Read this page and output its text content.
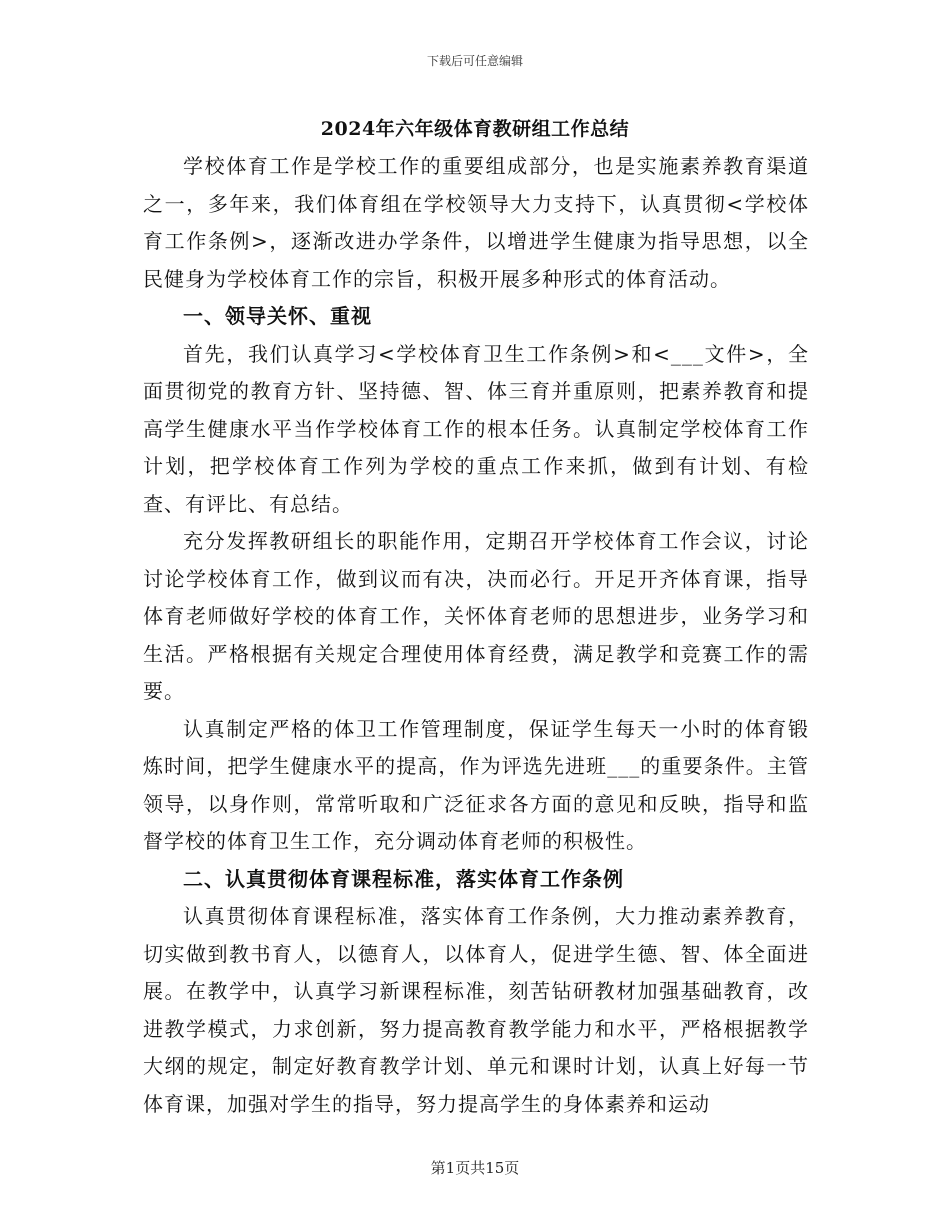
下载后可任意编辑
2024年六年级体育教研组工作总结

学校体育工作是学校工作的重要组成部分，也是实施素养教育渠道之一，多年来，我们体育组在学校领导大力支持下，认真贯彻<学校体育工作条例>，逐渐改进办学条件，以增进学生健康为指导思想，以全民健身为学校体育工作的宗旨，积极开展多种形式的体育活动。

一、领导关怀、重视

首先，我们认真学习<学校体育卫生工作条例>和<___文件>，全面贯彻党的教育方针、坚持德、智、体三育并重原则，把素养教育和提高学生健康水平当作学校体育工作的根本任务。认真制定学校体育工作计划，把学校体育工作列为学校的重点工作来抓，做到有计划、有检查、有评比、有总结。

充分发挥教研组长的职能作用，定期召开学校体育工作会议，讨论讨论学校体育工作，做到议而有决，决而必行。开足开齐体育课，指导体育老师做好学校的体育工作，关怀体育老师的思想进步，业务学习和生活。严格根据有关规定合理使用体育经费，满足教学和竞赛工作的需要。

认真制定严格的体卫工作管理制度，保证学生每天一小时的体育锻炼时间，把学生健康水平的提高，作为评选先进班___的重要条件。主管领导，以身作则，常常听取和广泛征求各方面的意见和反映，指导和监督学校的体育卫生工作，充分调动体育老师的积极性。

二、认真贯彻体育课程标准，落实体育工作条例

认真贯彻体育课程标准，落实体育工作条例，大力推动素养教育，切实做到教书育人，以德育人，以体育人，促进学生德、智、体全面进展。在教学中，认真学习新课程标准，刻苦钻研教材加强基础教育，改进教学模式，力求创新，努力提高教育教学能力和水平，严格根据教学大纲的规定，制定好教育教学计划、单元和课时计划，认真上好每一节体育课，加强对学生的指导，努力提高学生的身体素养和运动

第1页共15页
